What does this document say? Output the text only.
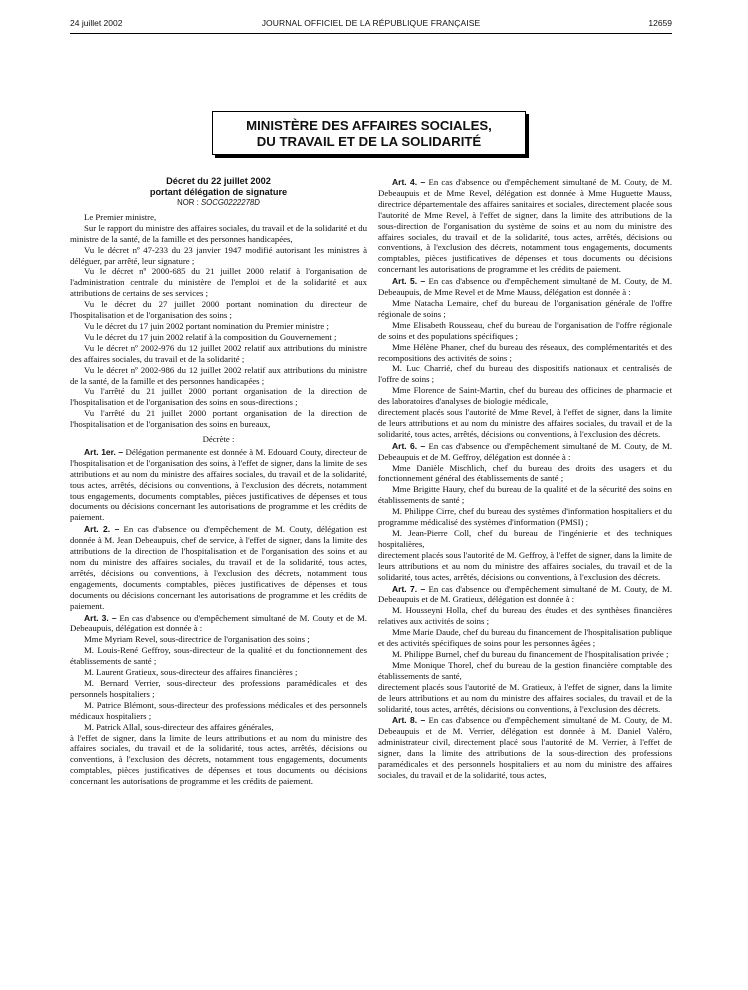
24 juillet 2002	JOURNAL OFFICIEL DE LA RÉPUBLIQUE FRANÇAISE	12659
MINISTÈRE DES AFFAIRES SOCIALES,
DU TRAVAIL ET DE LA SOLIDARITÉ
Décret du 22 juillet 2002
portant délégation de signature
NOR : SOCG0222278D

Le Premier ministre,

Sur le rapport du ministre des affaires sociales, du travail et de la solidarité et du ministre de la santé, de la famille et des personnes handicapées,

Vu le décret nº 47-233 du 23 janvier 1947 modifié autorisant les ministres à déléguer, par arrêté, leur signature ;

Vu le décret nº 2000-685 du 21 juillet 2000 relatif à l'organisation de l'administration centrale du ministère de l'emploi et de la solidarité et aux attributions de certains de ses services ;

Vu le décret du 27 juillet 2000 portant nomination du directeur de l'hospitalisation et de l'organisation des soins ;

Vu le décret du 17 juin 2002 portant nomination du Premier ministre ;

Vu le décret du 17 juin 2002 relatif à la composition du Gouvernement ;

Vu le décret nº 2002-976 du 12 juillet 2002 relatif aux attributions du ministre des affaires sociales, du travail et de la solidarité ;

Vu le décret nº 2002-986 du 12 juillet 2002 relatif aux attributions du ministre de la santé, de la famille et des personnes handicapées ;

Vu l'arrêté du 21 juillet 2000 portant organisation de la direction de l'hospitalisation et de l'organisation des soins en sous-directions ;

Vu l'arrêté du 21 juillet 2000 portant organisation de la direction de l'hospitalisation et de l'organisation des soins en bureaux,

Décrète :

Art. 1er. – Délégation permanente est donnée à M. Edouard Couty, directeur de l'hospitalisation et de l'organisation des soins, à l'effet de signer, dans la limite de ses attributions et au nom du ministre des affaires sociales, du travail et de la solidarité, tous actes, arrêtés, décisions ou conventions, à l'exclusion des décrets, notamment tous engagements, documents comptables, pièces justificatives de dépenses et tous documents ou décisions concernant les autorisations de programme et les crédits de paiement.

Art. 2. – En cas d'absence ou d'empêchement de M. Couty, délégation est donnée à M. Jean Debeaupuis, chef de service, à l'effet de signer, dans la limite des attributions de la direction de l'hospitalisation et de l'organisation des soins et au nom du ministre des affaires sociales, du travail et de la solidarité, tous actes, arrêtés, décisions ou conventions, à l'exclusion des décrets, notamment tous engagements, documents comptables, pièces justificatives de dépenses et tous documents ou décisions concernant les autorisations de programme et les crédits de paiement.

Art. 3. – En cas d'absence ou d'empêchement simultané de M. Couty et de M. Debeaupuis, délégation est donnée à :

Mme Myriam Revel, sous-directrice de l'organisation des soins ;

M. Louis-René Geffroy, sous-directeur de la qualité et du fonctionnement des établissements de santé ;

M. Laurent Gratieux, sous-directeur des affaires financières ;

M. Bernard Verrier, sous-directeur des professions paramédicales et des personnels hospitaliers ;

M. Patrice Blémont, sous-directeur des professions médicales et des personnels médicaux hospitaliers ;

M. Patrick Allal, sous-directeur des affaires générales,

à l'effet de signer, dans la limite de leurs attributions et au nom du ministre des affaires sociales, du travail et de la solidarité, tous actes, arrêtés, décisions ou conventions, à l'exclusion des décrets, notamment tous engagements, documents comptables, pièces justificatives de dépenses et tous documents ou décisions concernant les autorisations de programme et les crédits de paiement.

Art. 4. – En cas d'absence ou d'empêchement simultané de M. Couty, de M. Debeaupuis et de Mme Revel, délégation est donnée à Mme Huguette Mauss, directrice départementale des affaires sanitaires et sociales, directement placée sous l'autorité de Mme Revel, à l'effet de signer, dans la limite des attributions de la sous-direction de l'organisation du système de soins et au nom du ministre des affaires sociales, du travail et de la solidarité, tous actes, arrêtés, décisions ou conventions, à l'exclusion des décrets, notamment tous engagements, documents comptables, pièces justificatives de dépenses et tous documents ou décisions concernant les autorisations de programme et les crédits de paiement.

Art. 5. – En cas d'absence ou d'empêchement simultané de M. Couty, de M. Debeaupuis, de Mme Revel et de Mme Mauss, délégation est donnée à :

Mme Natacha Lemaire, chef du bureau de l'organisation générale de l'offre régionale de soins ;

Mme Elisabeth Rousseau, chef du bureau de l'organisation de l'offre régionale de soins et des populations spécifiques ;

Mme Hélène Phaner, chef du bureau des réseaux, des complémentarités et des recompositions des activités de soins ;

M. Luc Charrié, chef du bureau des dispositifs nationaux et centralisés de l'offre de soins ;

Mme Florence de Saint-Martin, chef du bureau des officines de pharmacie et des laboratoires d'analyses de biologie médicale,

directement placés sous l'autorité de Mme Revel, à l'effet de signer, dans la limite de leurs attributions et au nom du ministre des affaires sociales, du travail et de la solidarité, tous actes, arrêtés, décisions ou conventions, à l'exclusion des décrets.

Art. 6. – En cas d'absence ou d'empêchement simultané de M. Couty, de M. Debeaupuis et de M. Geffroy, délégation est donnée à :

Mme Danièle Mischlich, chef du bureau des droits des usagers et du fonctionnement général des établissements de santé ;

Mme Brigitte Haury, chef du bureau de la qualité et de la sécurité des soins en établissements de santé ;

M. Philippe Cirre, chef du bureau des systèmes d'information hospitaliers et du programme médicalisé des systèmes d'information (PMSI) ;

M. Jean-Pierre Coll, chef du bureau de l'ingénierie et des techniques hospitalières,

directement placés sous l'autorité de M. Geffroy, à l'effet de signer, dans la limite de leurs attributions et au nom du ministre des affaires sociales, du travail et de la solidarité, tous actes, arrêtés, décisions ou conventions, à l'exclusion des décrets.

Art. 7. – En cas d'absence ou d'empêchement simultané de M. Couty, de M. Debeaupuis et de M. Gratieux, délégation est donnée à :

M. Housseyni Holla, chef du bureau des études et des synthèses financières relatives aux activités de soins ;

Mme Marie Daude, chef du bureau du financement de l'hospitalisation publique et des activités spécifiques de soins pour les personnes âgées ;

M. Philippe Burnel, chef du bureau du financement de l'hospitalisation privée ;

Mme Monique Thorel, chef du bureau de la gestion financière comptable des établissements de santé,

directement placés sous l'autorité de M. Gratieux, à l'effet de signer, dans la limite de leurs attributions et au nom du ministre des affaires sociales, du travail et de la solidarité, tous actes, arrêtés, décisions ou conventions, à l'exclusion des décrets.

Art. 8. – En cas d'absence ou d'empêchement simultané de M. Couty, de M. Debeaupuis et de M. Verrier, délégation est donnée à M. Daniel Valéro, administrateur civil, directement placé sous l'autorité de M. Verrier, à l'effet de signer, dans la limite des attributions de la sous-direction des professions paramédicales et des personnels hospitaliers et au nom du ministre des affaires sociales, du travail et de la solidarité, tous actes,
